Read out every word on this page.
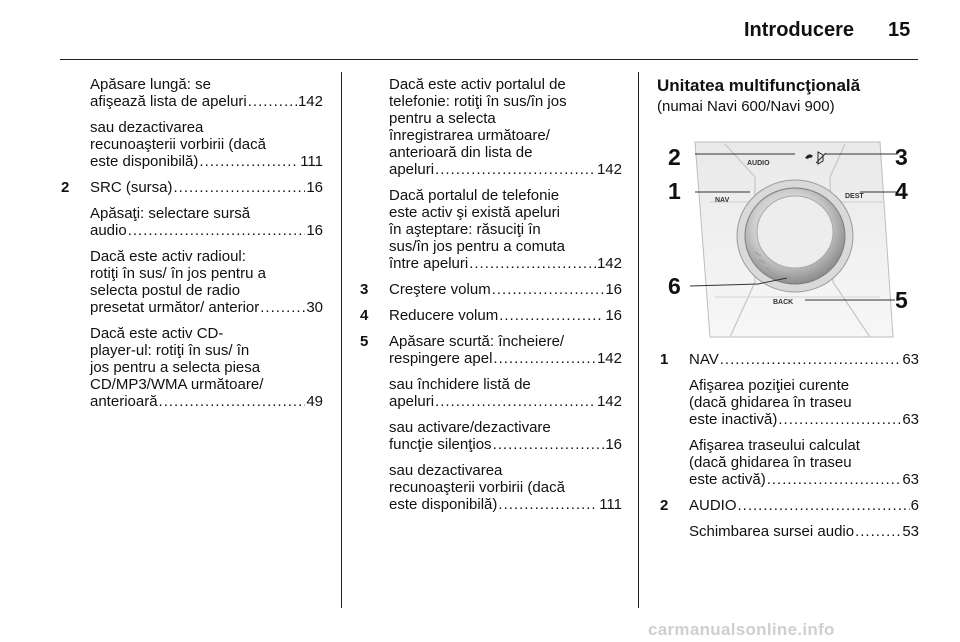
Introducere 15
Apăsare lungă: se
afişează lista de apeluri .....	142
sau dezactivarea
recunoaşterii vorbirii (dacă
este disponibilă) .....	111
2 SRC (sursa) .....	16
Apăsaţi: selectare sursă
audio .....	16
Dacă este activ radioul:
rotiţi în sus/ în jos pentru a
selecta postul de radio
presetat următor/ anterior .....	30
Dacă este activ CD-
player-ul: rotiţi în sus/ în
jos pentru a selecta piesa
CD/MP3/WMA următoare/
anterioară .....	49
Dacă este activ portalul de
telefonie: rotiţi în sus/în jos
pentru a selecta
înregistrarea următoare/
anterioară din lista de
apeluri .....	142
Dacă portalul de telefonie
este activ şi există apeluri
în aşteptare: răsuciţi în
sus/în jos pentru a comuta
între apeluri .....	142
3 Creştere volum .....	16
4 Reducere volum .....	16
5 Apăsare scurtă: încheiere/
respingere apel .....	142
sau închidere listă de
apeluri .....	142
sau activare/dezactivare
funcţie silenţios .....	16
sau dezactivarea
recunoaşterii vorbirii (dacă
este disponibilă) .....	111
Unitatea multifuncţională
(numai Navi 600/Navi 900)
AUDIO
NAV
DEST
BACK
2
1
3
4
5
6
1 NAV .....	63
Afişarea poziţiei curente
(dacă ghidarea în traseu
este inactivă) .....	63
Afişarea traseului calculat
(dacă ghidarea în traseu
este activă) .....	63
2 AUDIO .....	6
Schimbarea sursei audio .....	53
carmanualsonline.info
